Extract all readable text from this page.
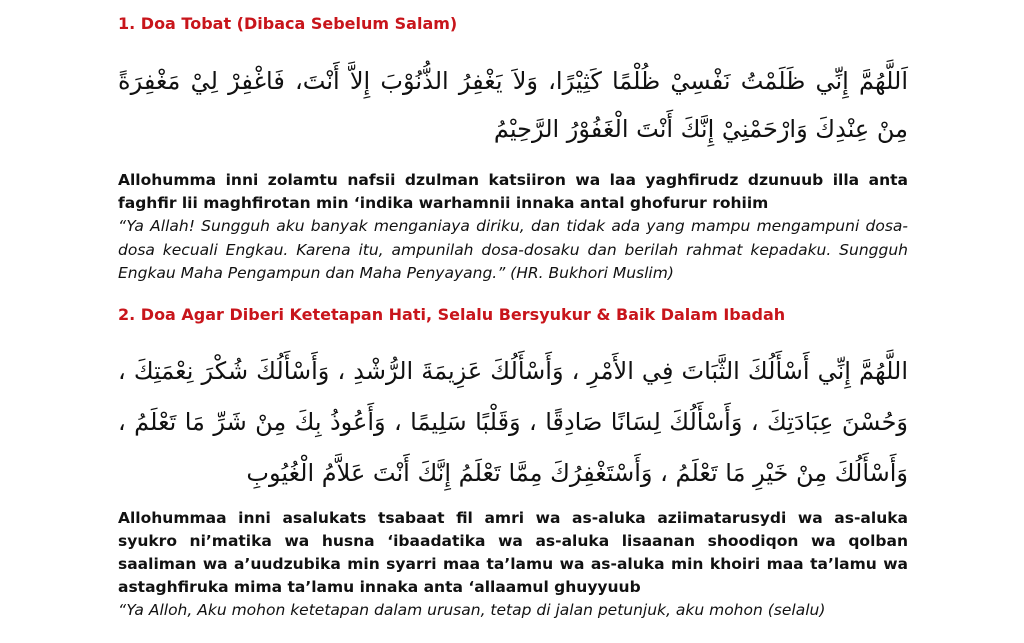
1. Doa Tobat (Dibaca Sebelum Salam)

اَللَّهُمَّ إِنِّي ظَلَمْتُ نَفْسِيْ ظُلْمًا كَثِيْرًا، وَلاَ يَغْفِرُ الذُّنُوْبَ إِلاَّ أَنْتَ، فَاغْفِرْ لِيْ مَغْفِرَةً مِنْ عِنْدِكَ وَارْحَمْنِيْ إِنَّكَ أَنْتَ الْغَفُوْرُ الرَّحِيْمُ

Allohumma inni zolamtu nafsii dzulman katsiiron wa laa yaghfirudz dzunuub illa anta faghfir lii maghfirotan min ‘indika warhamnii innaka antal ghofurur rohiim

“Ya Allah! Sungguh aku banyak menganiaya diriku, dan tidak ada yang mampu mengampuni dosa-dosa kecuali Engkau. Karena itu, ampunilah dosa-dosaku dan berilah rahmat kepadaku. Sungguh Engkau Maha Pengampun dan Maha Penyayang.” (HR. Bukhori Muslim)

2. Doa Agar Diberi Ketetapan Hati, Selalu Bersyukur & Baik Dalam Ibadah

اللَّهُمَّ إِنِّي أَسْأَلُكَ الثَّبَاتَ فِي الأَمْرِ ، وَأَسْأَلُكَ عَزِيمَةَ الرُّشْدِ ، وَأَسْأَلُكَ شُكْرَ نِعْمَتِكَ ، وَحُسْنَ عِبَادَتِكَ ، وَأَسْأَلُكَ لِسَانًا صَادِقًا ، وَقَلْبًا سَلِيمًا ، وَأَعُوذُ بِكَ مِنْ شَرِّ مَا تَعْلَمُ ، وَأَسْأَلُكَ مِنْ خَيْرِ مَا تَعْلَمُ ، وَأَسْتَغْفِرُكَ مِمَّا تَعْلَمُ إِنَّكَ أَنْتَ عَلاَّمُ الْغُيُوبِ

Allohummaa inni asalukats tsabaat fil amri wa as-aluka aziimatarusydi wa as-aluka syukro ni’matika wa husna ‘ibaadatika wa as-aluka lisaanan shoodiqon wa qolban saaliman wa a’uudzubika min syarri maa ta’lamu wa as-aluka min khoiri maa ta’lamu wa astaghfiruka mima ta’lamu innaka anta ‘allaamul ghuyyuub

“Ya Alloh, Aku mohon ketetapan dalam urusan, tetap di jalan petunjuk, aku mohon (selalu)
